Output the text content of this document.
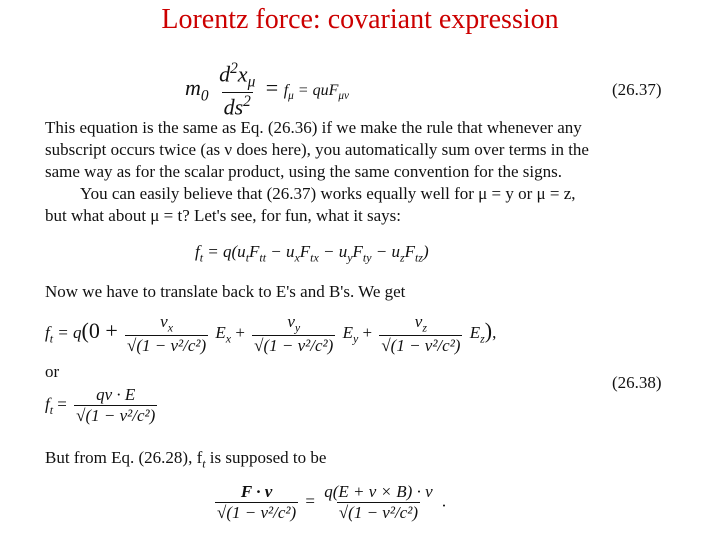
Lorentz force: covariant expression
$m_0 \frac{d^2x_\mu}{ds^2} = f_\mu = quF_{\mu\nu}$	(26.37)
This equation is the same as Eq. (26.36) if we make the rule that whenever any
subscript occurs twice (as ν does here), you automatically sum over terms in the
same way as for the scalar product, using the same convention for the signs.
You can easily believe that (26.37) works equally well for μ = y or μ = z,
but what about μ = t? Let's see, for fun, what it says:
$f_t = q(u_tF_{tt} - u_xF_{tx} - u_yF_{ty} - u_zF_{tz})$
Now we have to translate back to E's and B's. We get
$f_t = q(0 + \frac{v_x}{\text{√(1 − v²/c²)}} E_x + \frac{v_y}{\text{√(1 − v²/c²)}} E_y + \frac{v_z}{\text{√(1 − v²/c²)}} E_z)$,
or
$f_t = \frac{qv \cdot E}{\text{√(1 − v²/c²)}}$
(26.38)
But from Eq. (26.28), $f_t$ is supposed to be
$\frac{F \cdot v}{\text{√(1 − v²/c²)}} = \frac{q(E + v \times B) \cdot v}{\text{√(1 − v²/c²)}}$ .
